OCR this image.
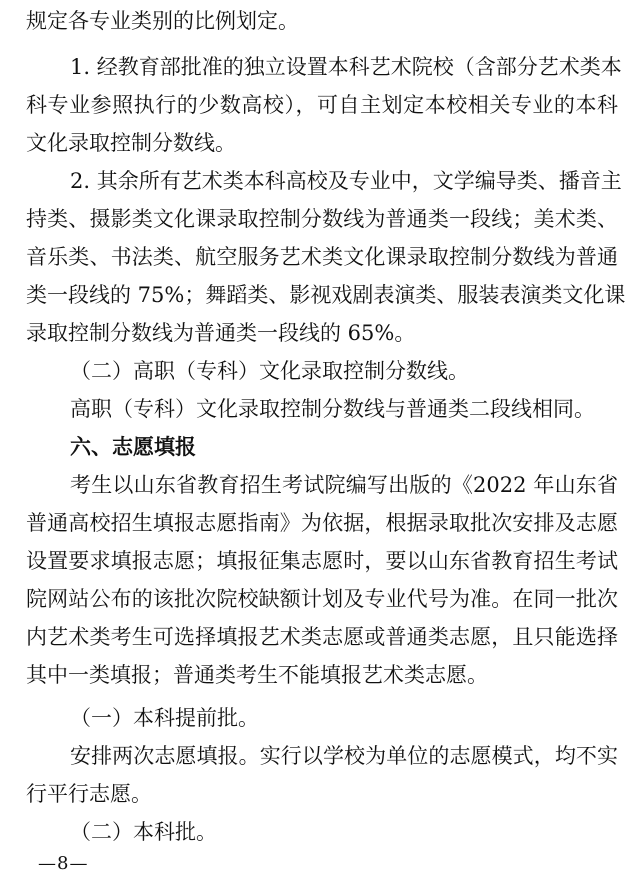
规定各专业类别的比例划定。
1. 经教育部批准的独立设置本科艺术院校（含部分艺术类本
科专业参照执行的少数高校），可自主划定本校相关专业的本科
文化录取控制分数线。
2. 其余所有艺术类本科高校及专业中，文学编导类、播音主
持类、摄影类文化课录取控制分数线为普通类一段线；美术类、
音乐类、书法类、航空服务艺术类文化课录取控制分数线为普通
类一段线的 75%；舞蹈类、影视戏剧表演类、服装表演类文化课
录取控制分数线为普通类一段线的 65%。
（二）高职（专科）文化录取控制分数线。
高职（专科）文化录取控制分数线与普通类二段线相同。
六、志愿填报
考生以山东省教育招生考试院编写出版的《2022 年山东省
普通高校招生填报志愿指南》为依据，根据录取批次安排及志愿
设置要求填报志愿；填报征集志愿时，要以山东省教育招生考试
院网站公布的该批次院校缺额计划及专业代号为准。在同一批次
内艺术类考生可选择填报艺术类志愿或普通类志愿，且只能选择
其中一类填报；普通类考生不能填报艺术类志愿。
（一）本科提前批。
安排两次志愿填报。实行以学校为单位的志愿模式，均不实
行平行志愿。
（二）本科批。
—8—
